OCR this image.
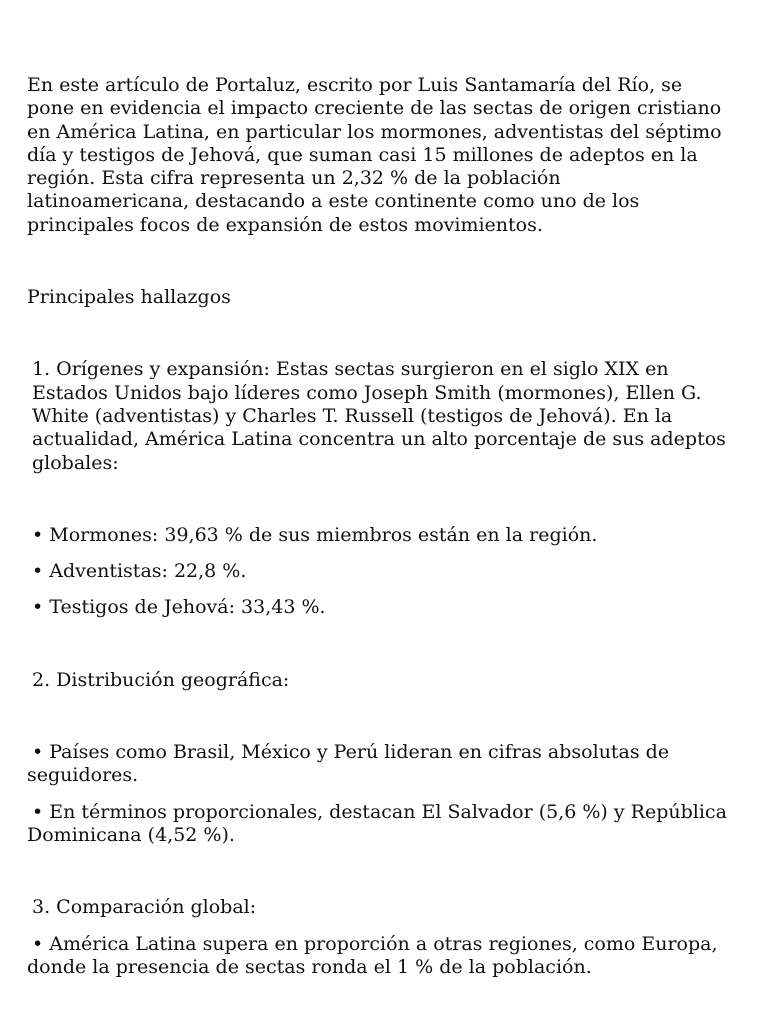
En este artículo de Portaluz, escrito por Luis Santamaría del Río, se pone en evidencia el impacto creciente de las sectas de origen cristiano en América Latina, en particular los mormones, adventistas del séptimo día y testigos de Jehová, que suman casi 15 millones de adeptos en la región. Esta cifra representa un 2,32 % de la población latinoamericana, destacando a este continente como uno de los principales focos de expansión de estos movimientos.

Principales hallazgos

1. Orígenes y expansión: Estas sectas surgieron en el siglo XIX en Estados Unidos bajo líderes como Joseph Smith (mormones), Ellen G. White (adventistas) y Charles T. Russell (testigos de Jehová). En la actualidad, América Latina concentra un alto porcentaje de sus adeptos globales:

• Mormones: 39,63 % de sus miembros están en la región.

• Adventistas: 22,8 %.

• Testigos de Jehová: 33,43 %.

2. Distribución geográfica:

• Países como Brasil, México y Perú lideran en cifras absolutas de seguidores.

• En términos proporcionales, destacan El Salvador (5,6 %) y República Dominicana (4,52 %).

3. Comparación global:

• América Latina supera en proporción a otras regiones, como Europa, donde la presencia de sectas ronda el 1 % de la población.
